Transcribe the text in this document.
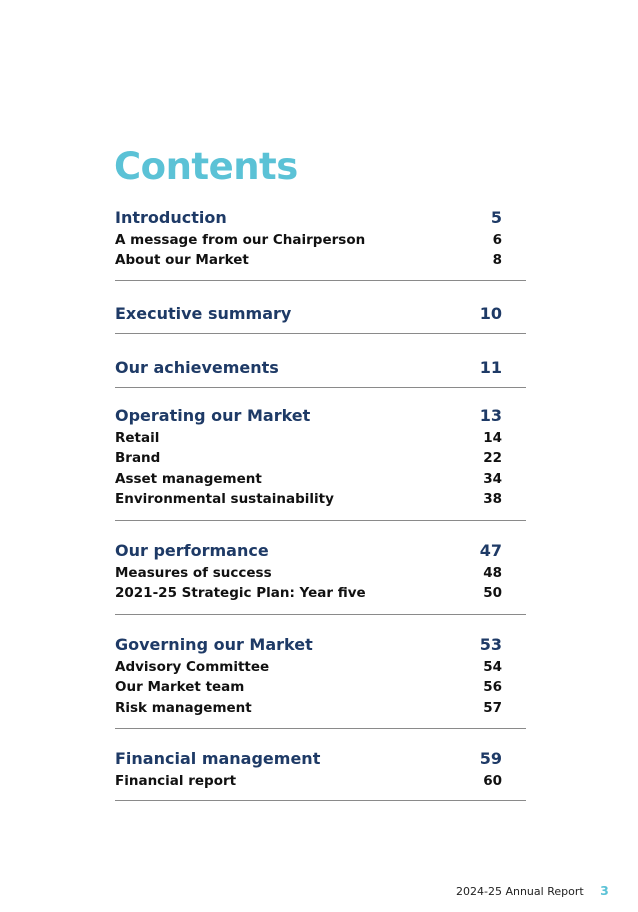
Contents
Introduction	5
A message from our Chairperson	6
About our Market	8
Executive summary	10
Our achievements	11
Operating our Market	13
Retail	14
Brand	22
Asset management	34
Environmental sustainability	38
Our performance	47
Measures of success	48
2021-25 Strategic Plan: Year five	50
Governing our Market	53
Advisory Committee	54
Our Market team	56
Risk management	57
Financial management	59
Financial report	60
2024-25 Annual Report 3
